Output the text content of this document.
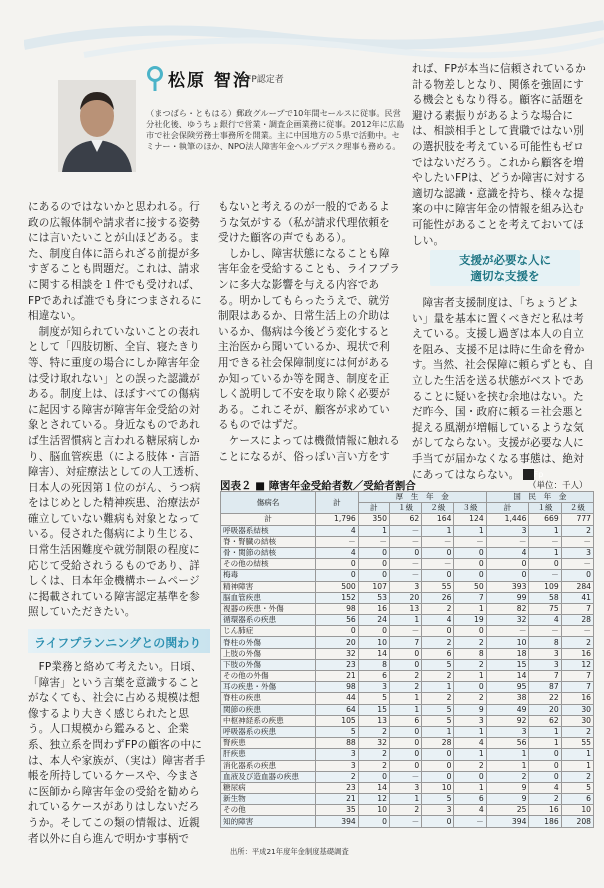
松原 智治
AFP認定者
（まつばら・ともはる）郵政グループで10年間セールスに従事。民営分社化後、ゆうちょ銀行で営業・調査企画業務に従事。2012年に広島市で社会保険労務士事務所を開業。主に中国地方の５県で活動中。セミナー・執筆のほか、NPO法人障害年金ヘルプデスク理事も務める。

にあるのではないかと思われる。行政の広報体制や請求者に接する姿勢には言いたいことが山ほどある。また、制度自体に語られざる前提が多すぎることも問題だ。これは、請求に関する相談を１件でも受ければ、FPであれば誰でも身につまされるに相違ない。

制度が知られていないことの表れとして「四肢切断、全盲、寝たきり等、特に重度の場合にしか障害年金は受け取れない」との誤った認識がある。制度上は、ほぼすべての傷病に起因する障害が障害年金受給の対象とされている。身近なものであれば生活習慣病と言われる糖尿病しかり、脳血管疾患（による肢体・言語障害）、対症療法としての人工透析、日本人の死因第１位のがん、うつ病をはじめとした精神疾患、治療法が確立していない難病も対象となっている。侵された傷病により生じる、日常生活困難度や就労制限の程度に応じて受給されうるものであり、詳しくは、日本年金機構ホームページに掲載されている障害認定基準を参照していただきたい。

ライフプランニングとの関わり

FP業務と絡めて考えたい。日頃、「障害」という言葉を意識することがなくても、社会に占める規模は想像するより大きく感じられたと思う。人口規模から鑑みると、企業系、独立系を問わずFPの顧客の中には、本人や家族が、（実は）障害者手帳を所持しているケースや、今まさに医師から障害年金の受給を勧められているケースがありはしないだろうか。そしてこの類の情報は、近親者以外に自ら進んで明かす事柄で

もないと考えるのが一般的であるような気がする（私が請求代理依頼を受けた顧客の声でもある）。

しかし、障害状態になることも障害年金を受給することも、ライフプランに多大な影響を与える内容である。明かしてもらったうえで、就労制限はあるか、日常生活上の介助はいるか、傷病は今後どう変化すると主治医から聞いているか、現状で利用できる社会保障制度には何があるか知っているか等を聞き、制度を正しく説明して不安を取り除く必要がある。これこそが、顧客が求めているものではずだ。

ケースによっては機微情報に触れることになるが、俗っぽい言い方をす

れば、FPが本当に信頼されているか計る物差しとなり、関係を強固にする機会ともなり得る。顧客に話題を避ける素振りがあるような場合には、相談相手として貴職ではない別の選択肢を考えている可能性もゼロではないだろう。これから顧客を増やしたいFPは、どうか障害に対する適切な認識・意識を持ち、様々な提案の中に障害年金の情報を組み込む可能性があることを考えておいてほしい。

支援が必要な人に
適切な支援を

障害者支援制度は、「ちょうどよい」量を基本に置くべきだと私は考えている。支援し過ぎは本人の自立を阻み、支援不足は時に生命を脅かす。当然、社会保障に頼らずとも、自立した生活を送る状態がベストであることに疑いを挟む余地はない。ただ昨今、国・政府に頼る＝社会悪と捉える風潮が増幅しているような気がしてならない。支援が必要な人に手当てが届かなくなる事態は、絶対にあってはならない。 Fp

図表２ ■ 障害年金受給者数／受給者割合	（単位：千人）
傷病名	計	厚　生　年　金				国　民　年　金		
		計	１級	２級	３級	計	１級	２級
計	1,796	350	62	164	124	1,446	669	777
呼吸器系結核	4	1	－	1	1	3	1	2
脊・腎臓の結核	－	－	－	－	－	－	－	－
骨・関節の結核	4	0	0	0	0	4	1	3
その他の結核	0	0	－	－	0	0	0	－
梅毒	0	0	－	0	0	0	－	0
精神障害	500	107	3	55	50	393	109	284
脳血管疾患	152	53	20	26	7	99	58	41
視器の疾患・外傷	98	16	13	2	1	82	75	7
循環器系の疾患	56	24	1	4	19	32	4	28
じん肺症	0	0	－	0	0	－	－	－
脊柱の外傷	20	10	7	2	2	10	8	2
上肢の外傷	32	14	0	6	8	18	3	16
下肢の外傷	23	8	0	5	2	15	3	12
その他の外傷	21	6	2	2	1	14	7	7
耳の疾患・外傷	98	3	2	1	0	95	87	7
脊柱の疾患	44	5	1	2	2	38	22	16
関節の疾患	64	15	1	5	9	49	20	30
中枢神経系の疾患	105	13	6	5	3	92	62	30
呼吸器系の疾患	5	2	0	1	1	3	1	2
腎疾患	88	32	0	28	4	56	1	55
肝疾患	3	2	0	0	1	1	0	1
消化器系の疾患	3	2	0	0	2	1	0	1
血液及び造血器の疾患	2	0	－	0	0	2	0	2
糖尿病	23	14	3	10	1	9	4	5
新生物	21	12	1	5	6	9	2	6
その他	35	10	2	3	4	25	16	10
知的障害	394	0	－	0	－	394	186	208
出所：平成21年度年金制度基礎調査
